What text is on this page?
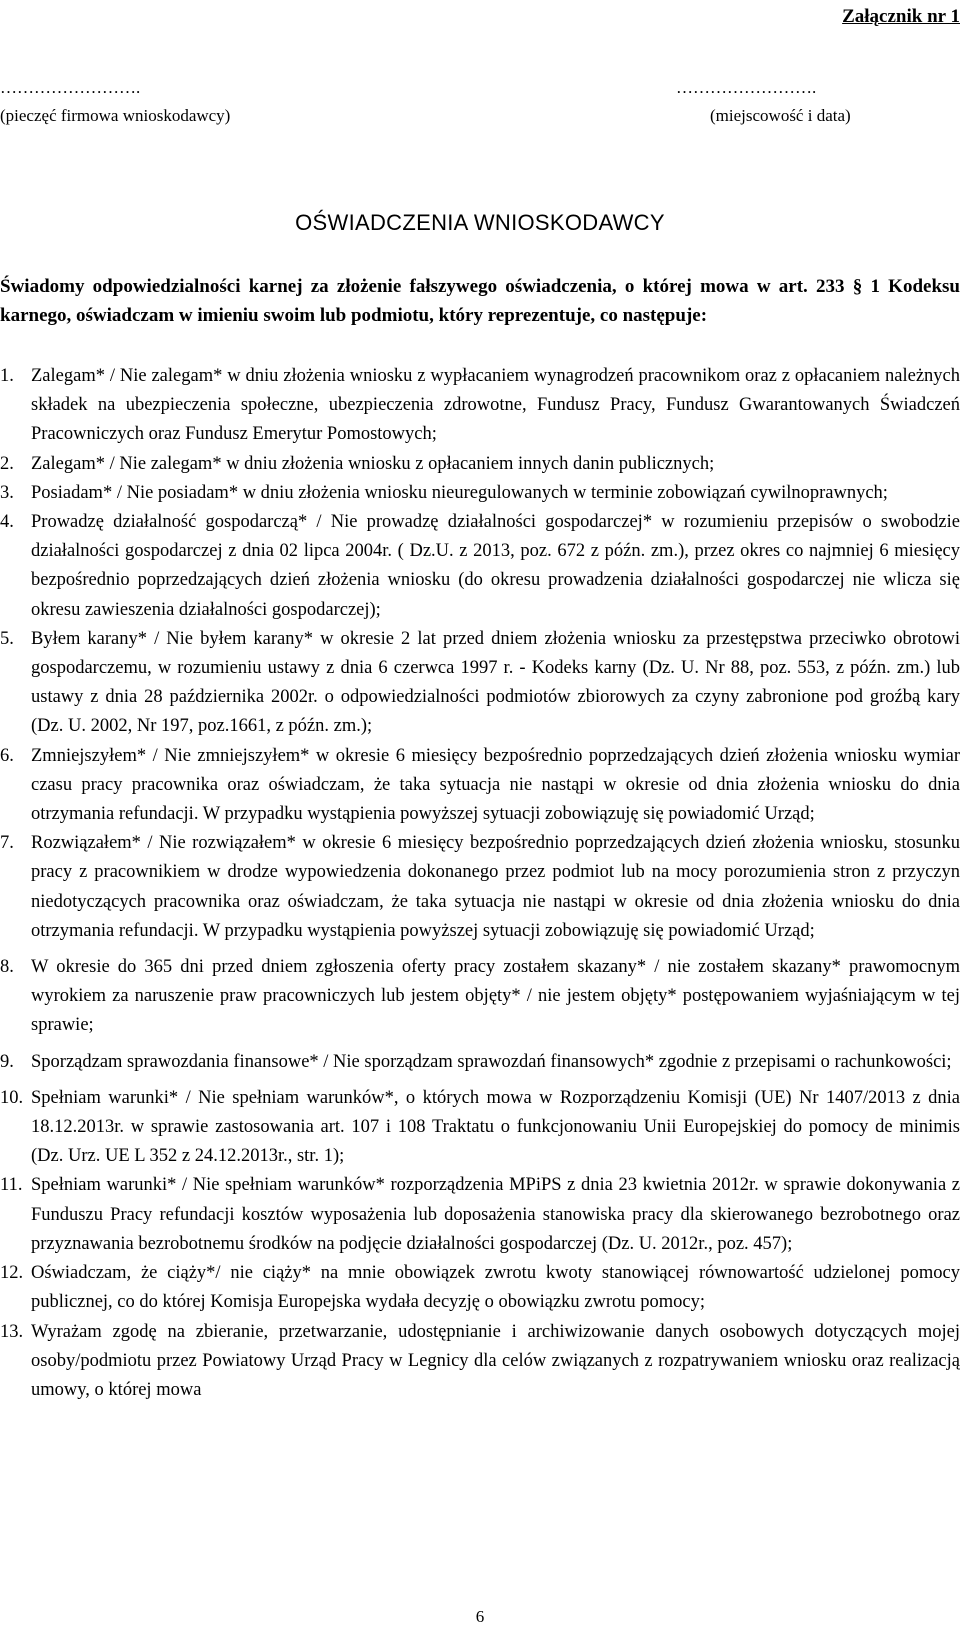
Załącznik nr 1
…………………….	…………………….
(pieczęć firmowa wnioskodawcy)	(miejscowość i data)
OŚWIADCZENIA WNIOSKODAWCY
Świadomy odpowiedzialności karnej za złożenie fałszywego oświadczenia, o której mowa w art. 233 § 1 Kodeksu karnego, oświadczam w imieniu swoim lub podmiotu, który reprezentuje, co następuje:
1. Zalegam* / Nie zalegam* w dniu złożenia wniosku z wypłacaniem wynagrodzeń pracownikom oraz z opłacaniem należnych składek na ubezpieczenia społeczne, ubezpieczenia zdrowotne, Fundusz Pracy, Fundusz Gwarantowanych Świadczeń Pracowniczych oraz Fundusz Emerytur Pomostowych;
2. Zalegam* / Nie zalegam* w dniu złożenia wniosku z opłacaniem innych danin publicznych;
3. Posiadam* / Nie posiadam* w dniu złożenia wniosku nieuregulowanych w terminie zobowiązań cywilnoprawnych;
4. Prowadzę działalność gospodarczą* / Nie prowadzę działalności gospodarczej* w rozumieniu przepisów o swobodzie działalności gospodarczej z dnia 02 lipca 2004r. ( Dz.U. z 2013, poz. 672 z późn. zm.), przez okres co najmniej 6 miesięcy bezpośrednio poprzedzających dzień złożenia wniosku (do okresu prowadzenia działalności gospodarczej nie wlicza się okresu zawieszenia działalności gospodarczej);
5. Byłem karany* / Nie byłem karany* w okresie 2 lat przed dniem złożenia wniosku za przestępstwa przeciwko obrotowi gospodarczemu, w rozumieniu ustawy z dnia 6 czerwca 1997 r. - Kodeks karny (Dz. U. Nr 88, poz. 553, z późn. zm.) lub ustawy z dnia 28 października 2002r. o odpowiedzialności podmiotów zbiorowych za czyny zabronione pod groźbą kary (Dz. U. 2002, Nr 197, poz.1661, z późn. zm.);
6. Zmniejszyłem* / Nie zmniejszyłem* w okresie 6 miesięcy bezpośrednio poprzedzających dzień złożenia wniosku wymiar czasu pracy pracownika oraz oświadczam, że taka sytuacja nie nastąpi w okresie od dnia złożenia wniosku do dnia otrzymania refundacji. W przypadku wystąpienia powyższej sytuacji zobowiązuję się powiadomić Urząd;
7. Rozwiązałem* / Nie rozwiązałem* w okresie 6 miesięcy bezpośrednio poprzedzających dzień złożenia wniosku, stosunku pracy z pracownikiem w drodze wypowiedzenia dokonanego przez podmiot lub na mocy porozumienia stron z przyczyn niedotyczących pracownika oraz oświadczam, że taka sytuacja nie nastąpi w okresie od dnia złożenia wniosku do dnia otrzymania refundacji. W przypadku wystąpienia powyższej sytuacji zobowiązuję się powiadomić Urząd;
8. W okresie do 365 dni przed dniem zgłoszenia oferty pracy zostałem skazany* / nie zostałem skazany* prawomocnym wyrokiem za naruszenie praw pracowniczych lub jestem objęty* / nie jestem objęty* postępowaniem wyjaśniającym w tej sprawie;
9. Sporządzam sprawozdania finansowe* / Nie sporządzam sprawozdań finansowych* zgodnie z przepisami o rachunkowości;
10. Spełniam warunki* / Nie spełniam warunków*, o których mowa w Rozporządzeniu Komisji (UE) Nr 1407/2013 z dnia 18.12.2013r. w sprawie zastosowania art. 107 i 108 Traktatu o funkcjonowaniu Unii Europejskiej do pomocy de minimis (Dz. Urz. UE L 352 z 24.12.2013r., str. 1);
11. Spełniam warunki* / Nie spełniam warunków* rozporządzenia MPiPS z dnia 23 kwietnia 2012r. w sprawie dokonywania z Funduszu Pracy refundacji kosztów wyposażenia lub doposażenia stanowiska pracy dla skierowanego bezrobotnego oraz przyznawania bezrobotnemu środków na podjęcie działalności gospodarczej (Dz. U. 2012r., poz. 457);
12. Oświadczam, że ciąży*/ nie ciąży* na mnie obowiązek zwrotu kwoty stanowiącej równowartość udzielonej pomocy publicznej, co do której Komisja Europejska wydała decyzję o obowiązku zwrotu pomocy;
13. Wyrażam zgodę na zbieranie, przetwarzanie, udostępnianie i archiwizowanie danych osobowych dotyczących mojej osoby/podmiotu przez Powiatowy Urząd Pracy w Legnicy dla celów związanych z rozpatrywaniem wniosku oraz realizacją umowy, o której mowa
6
